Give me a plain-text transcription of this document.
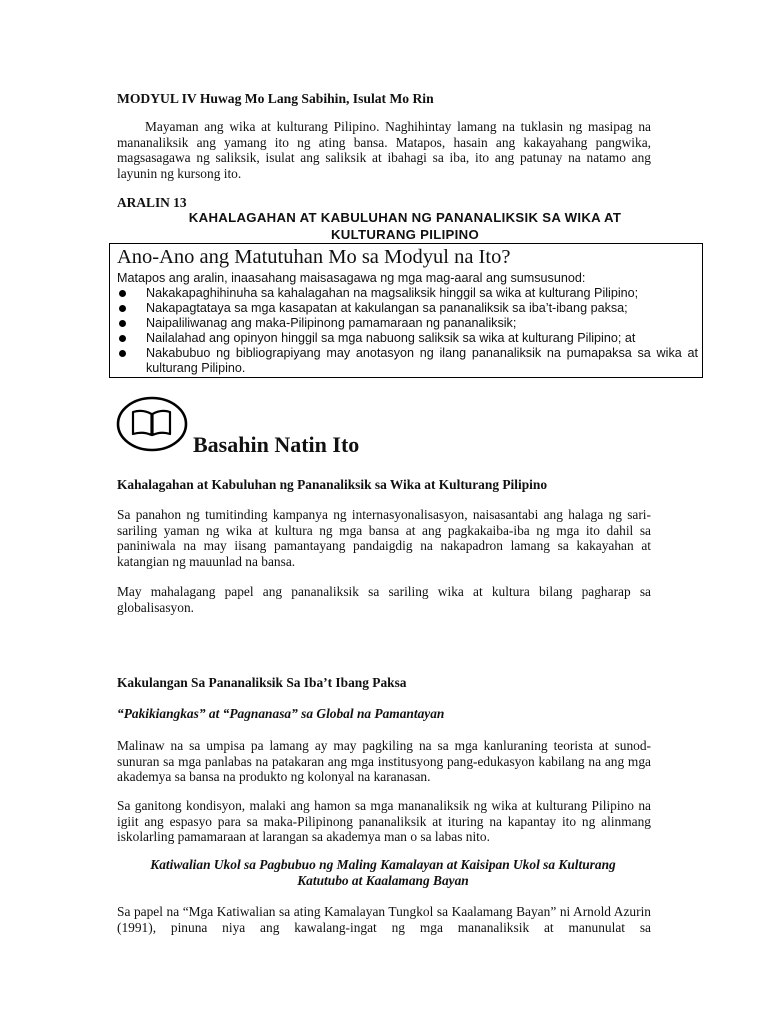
MODYUL IV Huwag Mo Lang Sabihin, Isulat Mo Rin
Mayaman ang wika at kulturang Pilipino. Naghihintay lamang na tuklasin ng masipag na mananaliksik ang yamang ito ng ating bansa. Matapos, hasain ang kakayahang pangwika, magsasagawa ng saliksik, isulat ang saliksik at ibahagi sa iba, ito ang patunay na natamo ang layunin ng kursong ito.
ARALIN 13
KAHALAGAHAN AT KABULUHAN NG PANANALIKSIK SA WIKA AT
KULTURANG PILIPINO
Ano-Ano ang Matutuhan Mo sa Modyul na Ito?
Matapos ang aralin, inaasahang maisasagawa ng mga mag-aaral ang sumsusunod:
Nakakapaghihinuha sa kahalagahan na magsaliksik hinggil sa wika at kulturang Pilipino;
Nakapagtataya sa mga kasapatan at kakulangan sa pananaliksik sa iba’t-ibang paksa;
Naipaliliwanag ang maka-Pilipinong pamamaraan ng pananaliksik;
Nailalahad ang opinyon hinggil sa mga nabuong saliksik sa wika at kulturang Pilipino; at
Nakabubuo ng bibliograpiyang may anotasyon ng ilang pananaliksik na pumapaksa sa wika at kulturang Pilipino.
Basahin Natin Ito
Kahalagahan at Kabuluhan ng Pananaliksik sa Wika at Kulturang Pilipino
Sa panahon ng tumitinding kampanya ng internasyonalisasyon, naisasantabi ang halaga ng sari-sariling yaman ng wika at kultura ng mga bansa at ang pagkakaiba-iba ng mga ito dahil sa paniniwala na may iisang pamantayang pandaigdig na nakapadron lamang sa kakayahan at katangian ng mauunlad na bansa.
May mahalagang papel ang pananaliksik sa sariling wika at kultura bilang pagharap sa globalisasyon.
Kakulangan Sa Pananaliksik Sa Iba’t Ibang Paksa
“Pakikiangkas” at “Pagnanasa” sa Global na Pamantayan
Malinaw na sa umpisa pa lamang ay may pagkiling na sa mga kanluraning teorista at sunod-sunuran sa mga panlabas na patakaran ang mga institusyong pang-edukasyon kabilang na ang mga akademya sa bansa na produkto ng kolonyal na karanasan.
Sa ganitong kondisyon, malaki ang hamon sa mga mananaliksik ng wika at kulturang Pilipino na igiit ang espasyo para sa maka-Pilipinong pananaliksik at ituring na kapantay ito ng alinmang iskolarling pamamaraan at larangan sa akademya man o sa labas nito.
Katiwalian Ukol sa Pagbubuo ng Maling Kamalayan at Kaisipan Ukol sa Kulturang
Katutubo at Kaalamang Bayan
Sa papel na “Mga Katiwalian sa ating Kamalayan Tungkol sa Kaalamang Bayan” ni Arnold Azurin (1991), pinuna niya ang kawalang-ingat ng mga mananaliksik at manunulat sa
